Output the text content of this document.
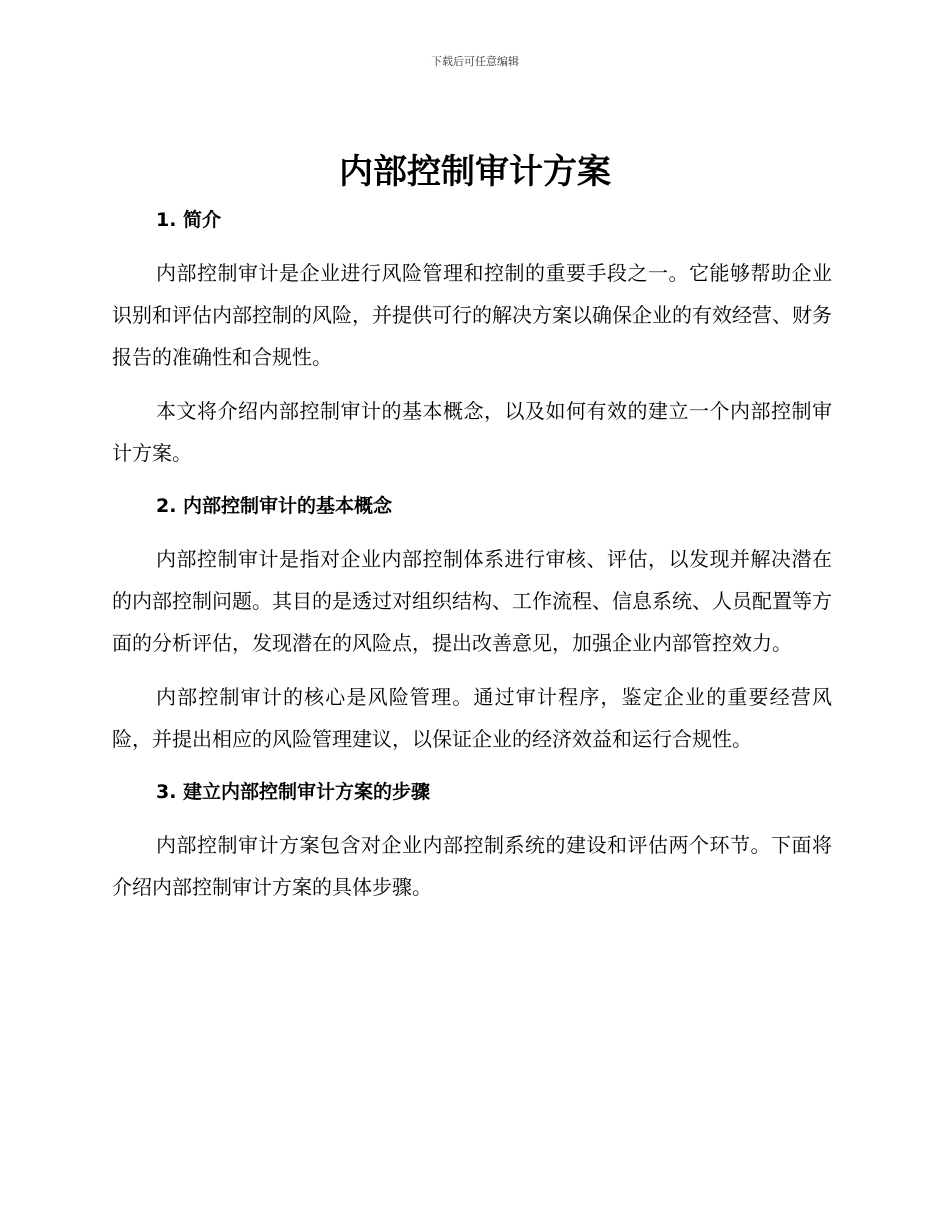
下载后可任意编辑
内部控制审计方案
1. 简介

内部控制审计是企业进行风险管理和控制的重要手段之一。它能够帮助企业识别和评估内部控制的风险，并提供可行的解决方案以确保企业的有效经营、财务报告的准确性和合规性。

本文将介绍内部控制审计的基本概念，以及如何有效的建立一个内部控制审计方案。

2. 内部控制审计的基本概念

内部控制审计是指对企业内部控制体系进行审核、评估，以发现并解决潜在的内部控制问题。其目的是透过对组织结构、工作流程、信息系统、人员配置等方面的分析评估，发现潜在的风险点，提出改善意见，加强企业内部管控效力。

内部控制审计的核心是风险管理。通过审计程序，鉴定企业的重要经营风险，并提出相应的风险管理建议，以保证企业的经济效益和运行合规性。

3. 建立内部控制审计方案的步骤

内部控制审计方案包含对企业内部控制系统的建设和评估两个环节。下面将介绍内部控制审计方案的具体步骤。
